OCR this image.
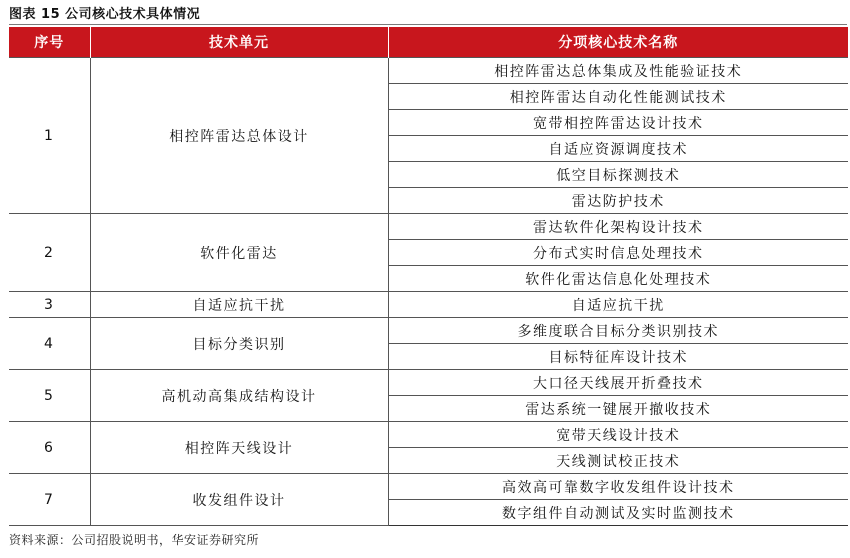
图表 15 公司核心技术具体情况
序号	技术单元	分项核心技术名称
1	相控阵雷达总体设计	相控阵雷达总体集成及性能验证技术
		相控阵雷达自动化性能测试技术
		宽带相控阵雷达设计技术
		自适应资源调度技术
		低空目标探测技术
		雷达防护技术
2	软件化雷达	雷达软件化架构设计技术
		分布式实时信息处理技术
		软件化雷达信息化处理技术
3	自适应抗干扰	自适应抗干扰
4	目标分类识别	多维度联合目标分类识别技术
		目标特征库设计技术
5	高机动高集成结构设计	大口径天线展开折叠技术
		雷达系统一键展开撤收技术
6	相控阵天线设计	宽带天线设计技术
		天线测试校正技术
7	收发组件设计	高效高可靠数字收发组件设计技术
		数字组件自动测试及实时监测技术
资料来源：公司招股说明书，华安证券研究所
